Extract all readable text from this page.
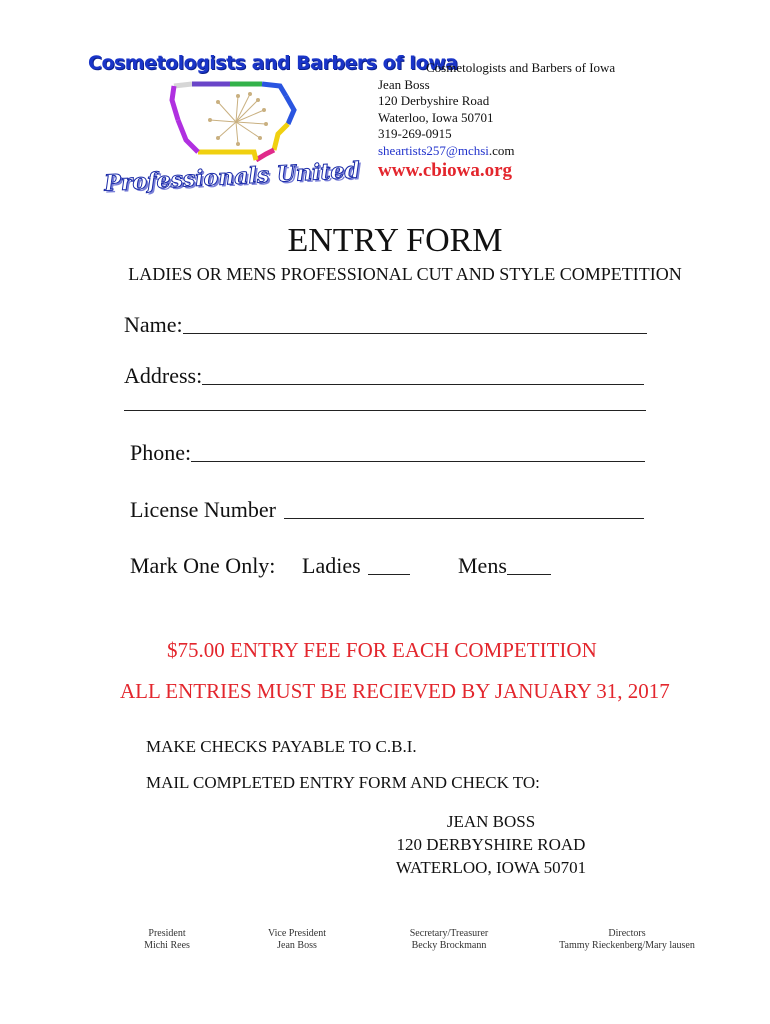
Cosmetologists and Barbers of Iowa
Professionals United
Cosmetologists and Barbers of Iowa
Jean Boss
120 Derbyshire Road
Waterloo, Iowa 50701
319-269-0915
sheartists257@mchsi.com
www.cbiowa.org
ENTRY FORM
LADIES OR MENS PROFESSIONAL CUT AND STYLE COMPETITION
Name:
Address:
Phone:
License Number
Mark One Only: Ladies	Mens
$75.00 ENTRY FEE FOR EACH COMPETITION
ALL ENTRIES MUST BE RECIEVED BY JANUARY 31, 2017
MAKE CHECKS PAYABLE TO C.B.I.
MAIL COMPLETED ENTRY FORM AND CHECK TO:
JEAN BOSS
120 DERBYSHIRE ROAD
WATERLOO, IOWA 50701
President
Michi Rees
Vice President
Jean Boss
Secretary/Treasurer
Becky Brockmann
Directors
Tammy Rieckenberg/Mary lausen
